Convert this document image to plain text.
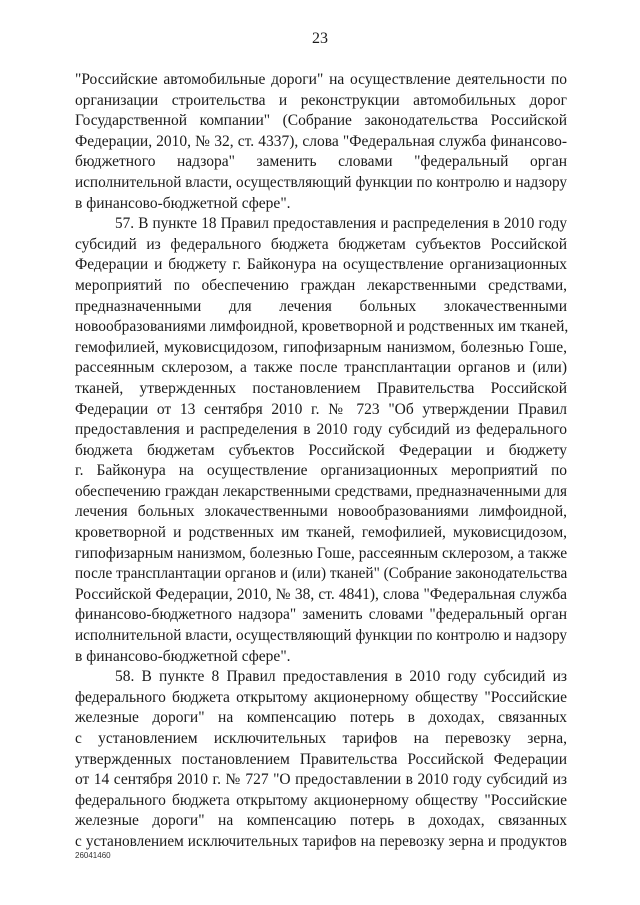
23
"Российские автомобильные дороги" на осуществление деятельности по
организации строительства и реконструкции автомобильных дорог
Государственной компании" (Собрание законодательства Российской
Федерации, 2010, № 32, ст. 4337), слова "Федеральная служба финансово-
бюджетного надзора" заменить словами "федеральный орган
исполнительной власти, осуществляющий функции по контролю и надзору
в финансово-бюджетной сфере".
57. В пункте 18 Правил предоставления и распределения в 2010 году
субсидий из федерального бюджета бюджетам субъектов Российской
Федерации и бюджету г. Байконура на осуществление организационных
мероприятий по обеспечению граждан лекарственными средствами,
предназначенными для лечения больных злокачественными
новообразованиями лимфоидной, кроветворной и родственных им тканей,
гемофилией, муковисцидозом, гипофизарным нанизмом, болезнью Гоше,
рассеянным склерозом, а также после трансплантации органов и (или)
тканей, утвержденных постановлением Правительства Российской
Федерации от 13 сентября 2010 г. № 723 "Об утверждении Правил
предоставления и распределения в 2010 году субсидий из федерального
бюджета бюджетам субъектов Российской Федерации и бюджету
г. Байконура на осуществление организационных мероприятий по
обеспечению граждан лекарственными средствами, предназначенными для
лечения больных злокачественными новообразованиями лимфоидной,
кроветворной и родственных им тканей, гемофилией, муковисцидозом,
гипофизарным нанизмом, болезнью Гоше, рассеянным склерозом, а также
после трансплантации органов и (или) тканей" (Собрание законодательства
Российской Федерации, 2010, № 38, ст. 4841), слова "Федеральная служба
финансово-бюджетного надзора" заменить словами "федеральный орган
исполнительной власти, осуществляющий функции по контролю и надзору
в финансово-бюджетной сфере".
58. В пункте 8 Правил предоставления в 2010 году субсидий из
федерального бюджета открытому акционерному обществу "Российские
железные дороги" на компенсацию потерь в доходах, связанных
с установлением исключительных тарифов на перевозку зерна,
утвержденных постановлением Правительства Российской Федерации
от 14 сентября 2010 г. № 727 "О предоставлении в 2010 году субсидий из
федерального бюджета открытому акционерному обществу "Российские
железные дороги" на компенсацию потерь в доходах, связанных
с установлением исключительных тарифов на перевозку зерна и продуктов
26041460
